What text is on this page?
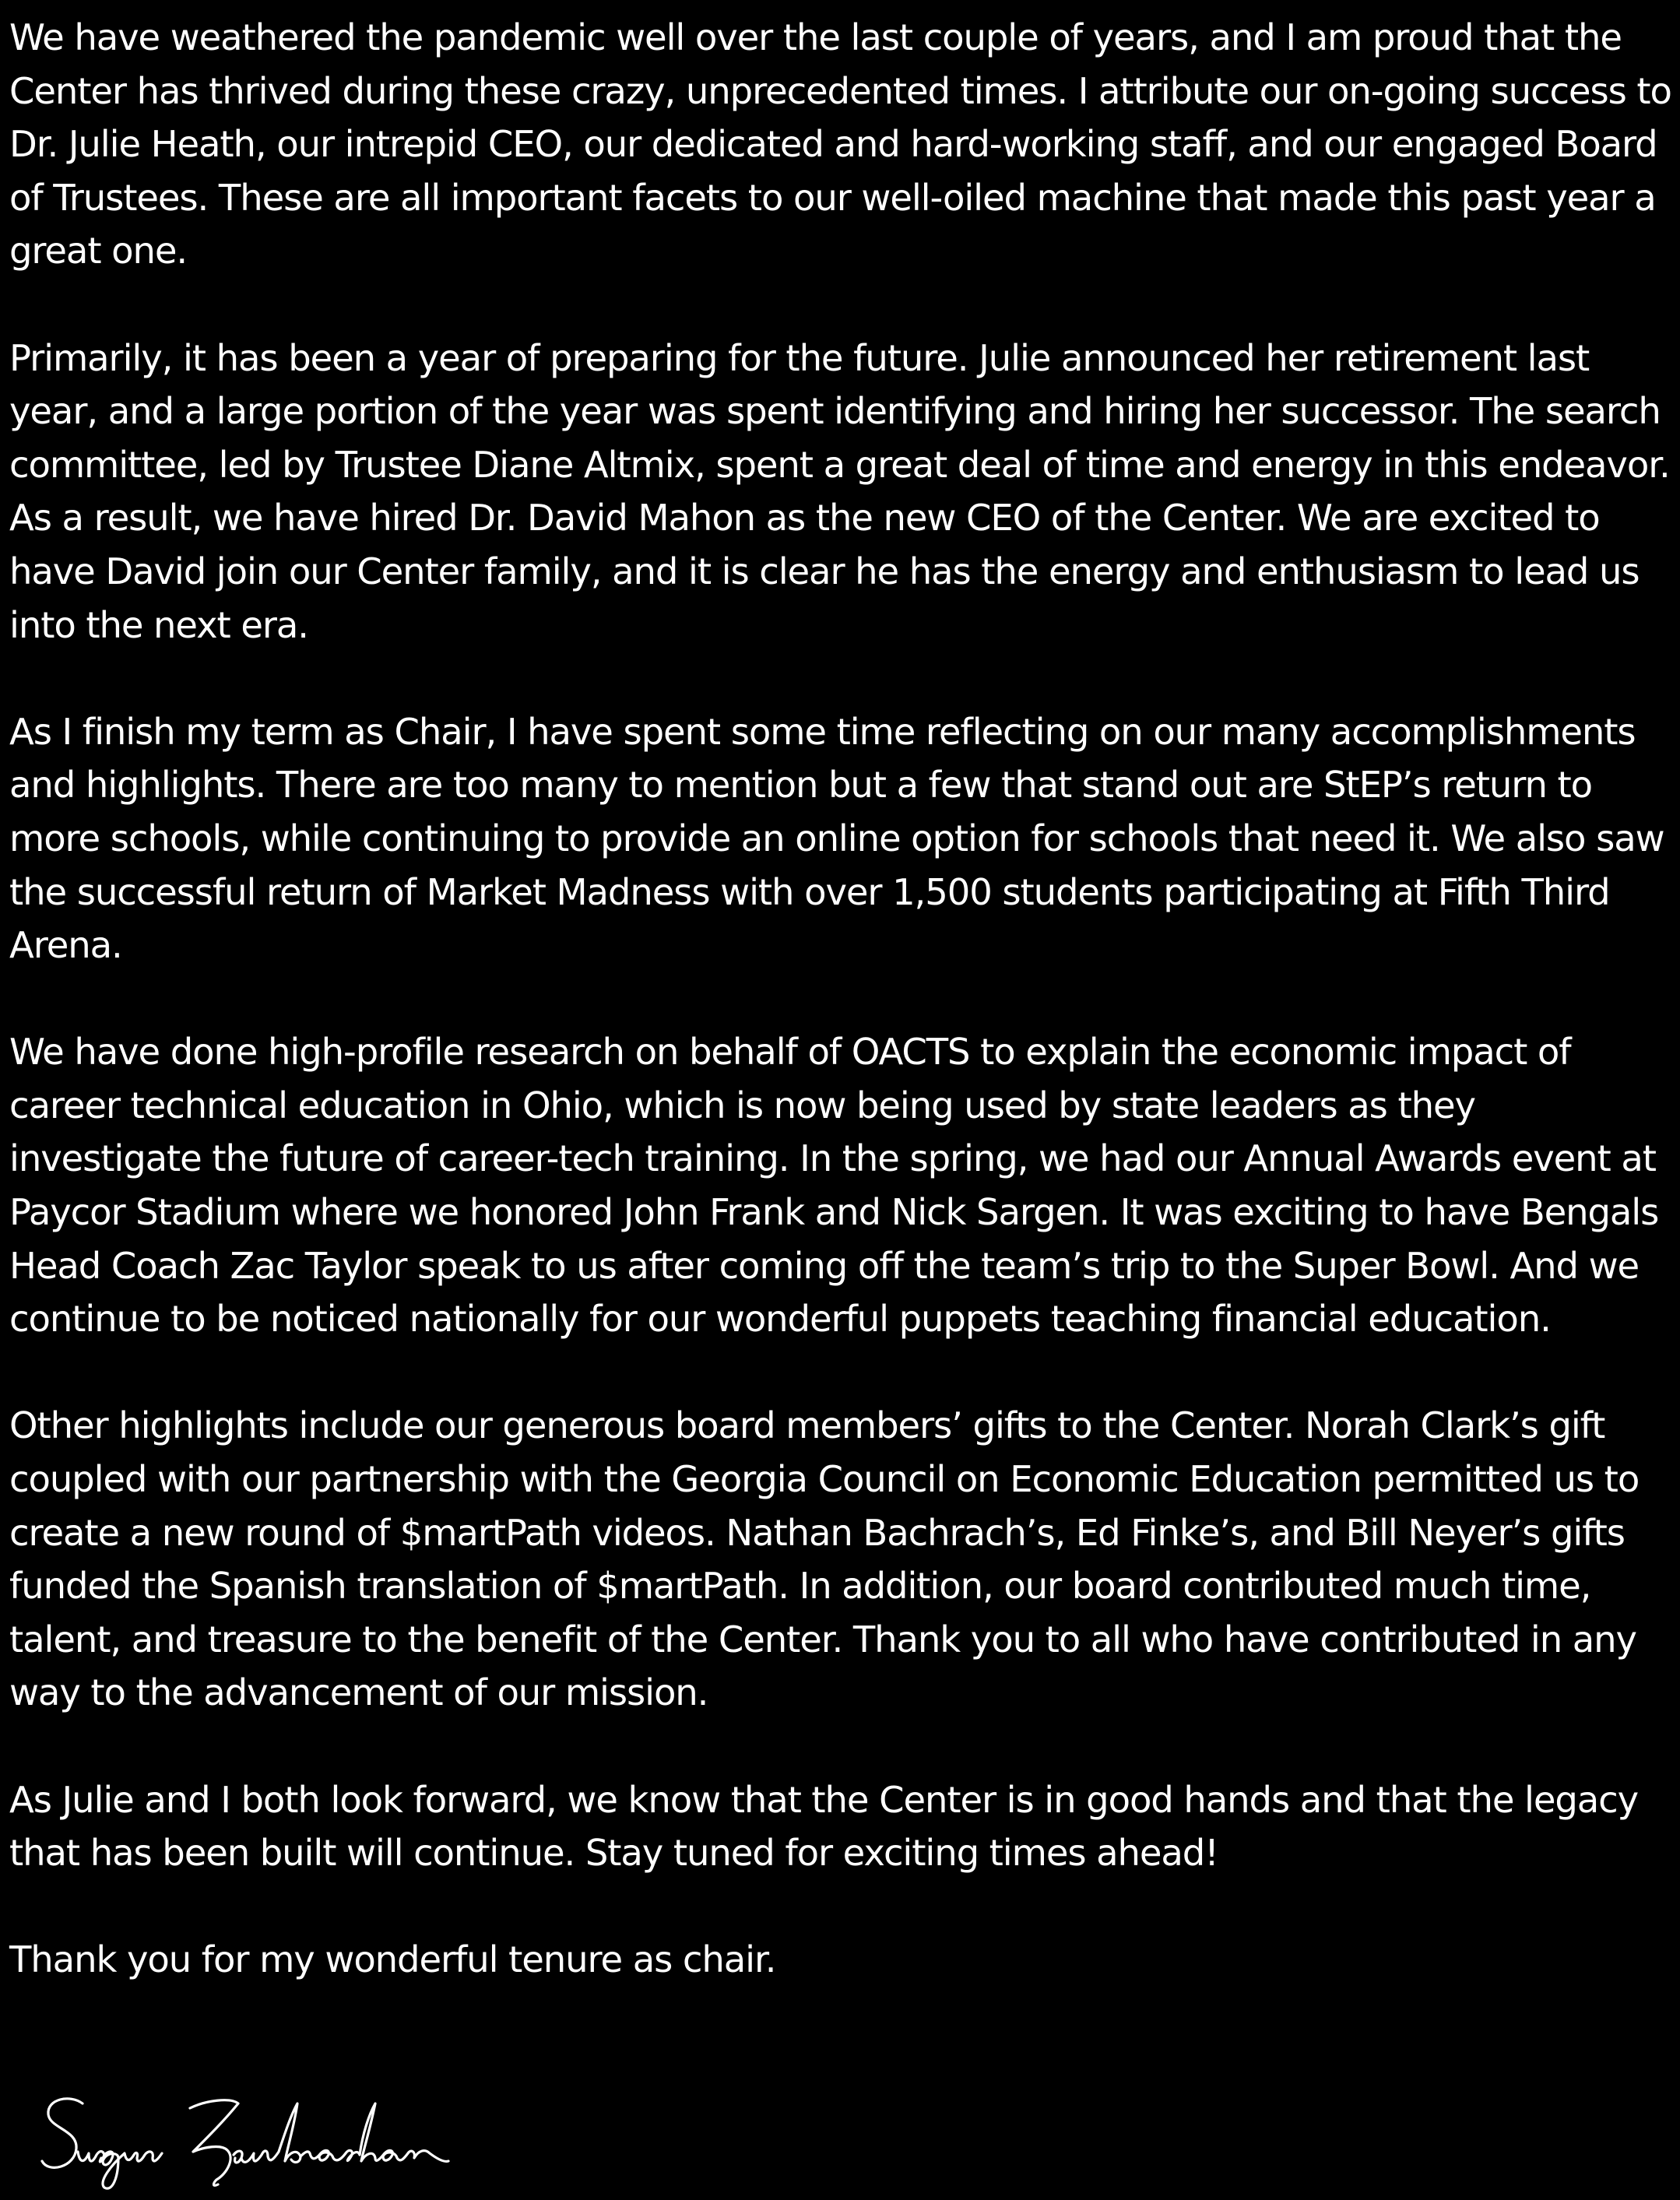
We have weathered the pandemic well over the last couple of years, and I am proud that the Center has thrived during these crazy, unprecedented times. I attribute our on-going success to Dr. Julie Heath, our intrepid CEO, our dedicated and hard-working staff, and our engaged Board of Trustees. These are all important facets to our well-oiled machine that made this past year a great one.

Primarily, it has been a year of preparing for the future. Julie announced her retirement last year, and a large portion of the year was spent identifying and hiring her successor. The search committee, led by Trustee Diane Altmix, spent a great deal of time and energy in this endeavor. As a result, we have hired Dr. David Mahon as the new CEO of the Center. We are excited to have David join our Center family, and it is clear he has the energy and enthusiasm to lead us into the next era.

As I finish my term as Chair, I have spent some time reflecting on our many accomplishments and highlights. There are too many to mention but a few that stand out are StEP’s return to more schools, while continuing to provide an online option for schools that need it. We also saw the successful return of Market Madness with over 1,500 students participating at Fifth Third Arena.

We have done high-profile research on behalf of OACTS to explain the economic impact of career technical education in Ohio, which is now being used by state leaders as they investigate the future of career-tech training. In the spring, we had our Annual Awards event at Paycor Stadium where we honored John Frank and Nick Sargen. It was exciting to have Bengals Head Coach Zac Taylor speak to us after coming off the team’s trip to the Super Bowl. And we continue to be noticed nationally for our wonderful puppets teaching financial education.

Other highlights include our generous board members’ gifts to the Center. Norah Clark’s gift coupled with our partnership with the Georgia Council on Economic Education permitted us to create a new round of $martPath videos. Nathan Bachrach’s, Ed Finke’s, and Bill Neyer’s gifts funded the Spanish translation of $martPath. In addition, our board contributed much time, talent, and treasure to the benefit of the Center. Thank you to all who have contributed in any way to the advancement of our mission.

As Julie and I both look forward, we know that the Center is in good hands and that the legacy that has been built will continue. Stay tuned for exciting times ahead!

Thank you for my wonderful tenure as chair.
